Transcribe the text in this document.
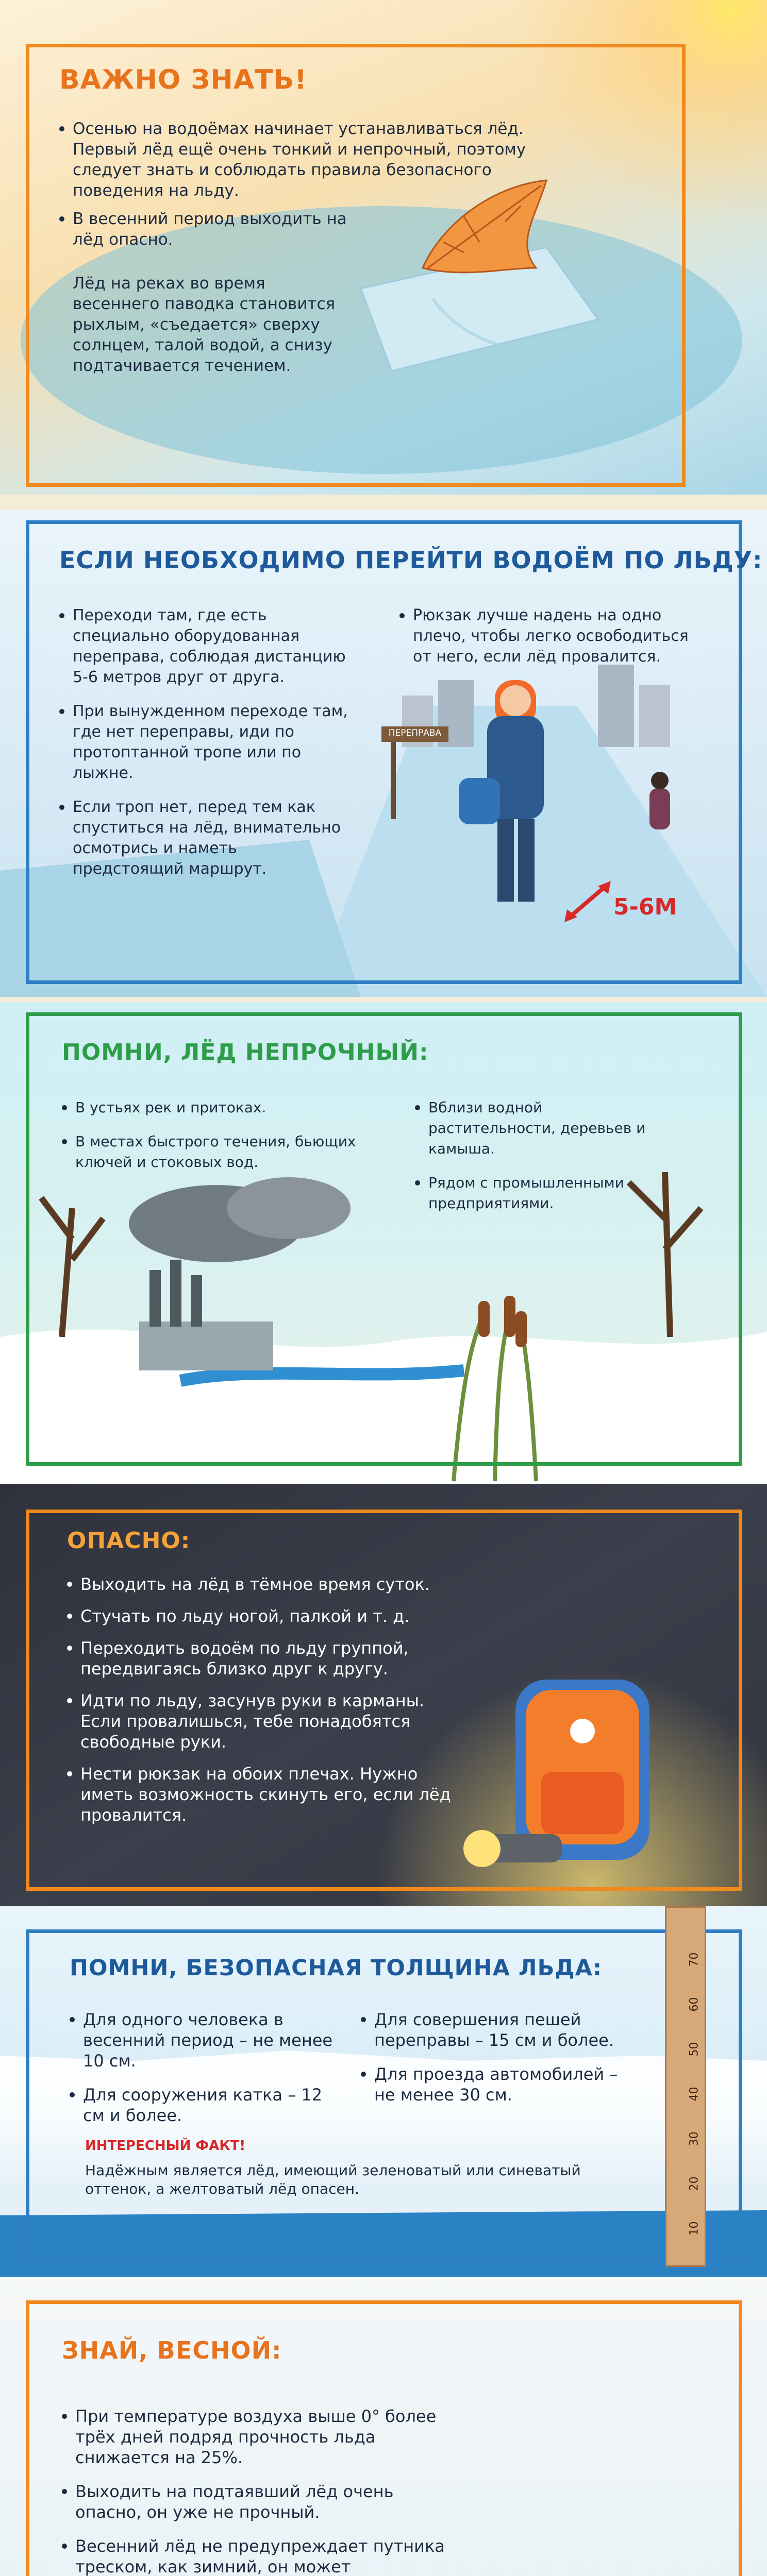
ВАЖНО ЗНАТЬ!

Осенью на водоёмах начинает устанавливаться лёд. Первый лёд ещё очень тонкий и непрочный, поэтому следует знать и соблюдать правила безопасного поведения на льду.

В весенний период выходить на лёд опасно.

Лёд на реках во время весеннего паводка становится рыхлым, «съедается» сверху солнцем, талой водой, а снизу подтачивается течением.

ЕСЛИ НЕОБХОДИМО ПЕРЕЙТИ ВОДОЁМ ПО ЛЬДУ:

Переходи там, где есть специально оборудованная переправа, соблюдая дистанцию 5-6 метров друг от друга.

При вынужденном переходе там, где нет переправы, иди по протоптанной тропе или по лыжне.

Если троп нет, перед тем как спуститься на лёд, внимательно осмотрись и наметь предстоящий маршрут.

Рюкзак лучше надень на одно плечо, чтобы легко освободиться от него, если лёд провалится.

ПЕРЕПРАВА
5-6М
ПОМНИ, ЛЁД НЕПРОЧНЫЙ:

В устьях рек и притоках.

В местах быстрого течения, бьющих ключей и стоковых вод.

Вблизи водной растительности, деревьев и камыша.

Рядом с промышленными предприятиями.

ОПАСНО:

Выходить на лёд в тёмное время суток.

Стучать по льду ногой, палкой и т. д.

Переходить водоём по льду группой, передвигаясь близко друг к другу.

Идти по льду, засунув руки в карманы. Если провалишься, тебе понадобятся свободные руки.

Нести рюкзак на обоих плечах. Нужно иметь возможность скинуть его, если лёд провалится.

ПОМНИ, БЕЗОПАСНАЯ ТОЛЩИНА ЛЬДА:

Для одного человека в весенний период – не менее 10 см.

Для сооружения катка – 12 см и более.

Для совершения пешей переправы – 15 см и более.

Для проезда автомобилей – не менее 30 см.

ИНТЕРЕСНЫЙ ФАКТ!
Надёжным является лёд, имеющий зеленоватый или синеватый оттенок, а желтоватый лёд опасен.
70
60
50
40
30
20
10
ЗНАЙ, ВЕСНОЙ:

При температуре воздуха выше 0° более трёх дней подряд прочность льда снижается на 25%.

Выходить на подтаявший лёд очень опасно, он уже не прочный.

Весенний лёд не предупреждает путника треском, как зимний, он может
